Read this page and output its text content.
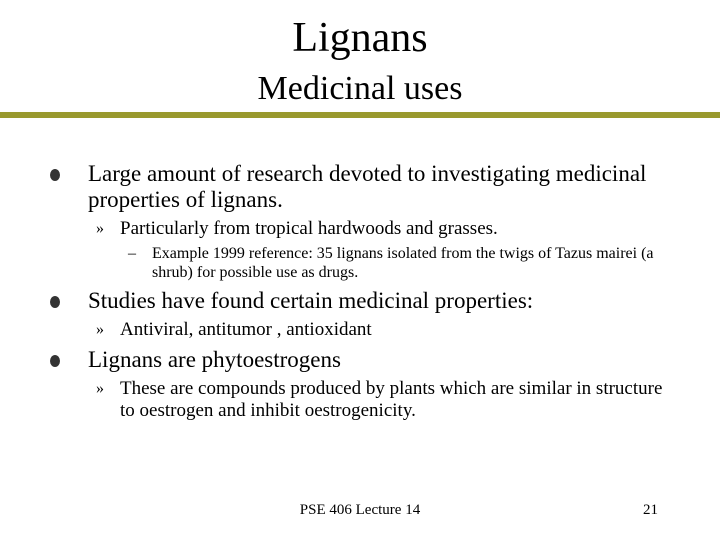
Lignans
Medicinal uses
Large amount of research devoted to investigating medicinal properties of lignans.
» Particularly from tropical hardwoods and grasses.
– Example 1999 reference: 35 lignans isolated from the twigs of Tazus mairei (a shrub) for possible use as drugs.
Studies have found certain medicinal properties:
» Antiviral, antitumor , antioxidant
Lignans are phytoestrogens
» These are compounds produced by plants which are similar in structure to oestrogen and inhibit oestrogenicity.
PSE 406 Lecture 14	21
